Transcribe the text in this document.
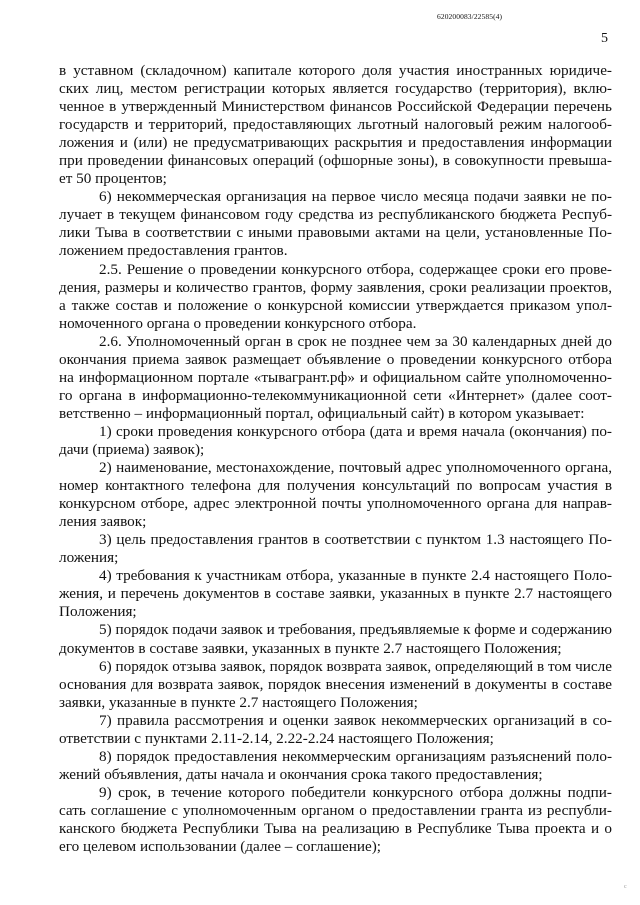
620200083/22585(4)
5
в уставном (складочном) капитале которого доля участия иностранных юридиче-
ских лиц, местом регистрации которых является государство (территория), вклю-
ченное в утвержденный Министерством финансов Российской Федерации перечень
государств и территорий, предоставляющих льготный налоговый режим налогооб-
ложения и (или) не предусматривающих раскрытия и предоставления информации
при проведении финансовых операций (офшорные зоны), в совокупности превыша-
ет 50 процентов;
6) некоммерческая организация на первое число месяца подачи заявки не по-
лучает в текущем финансовом году средства из республиканского бюджета Респуб-
лики Тыва в соответствии с иными правовыми актами на цели, установленные По-
ложением предоставления грантов.
2.5. Решение о проведении конкурсного отбора, содержащее сроки его прове-
дения, размеры и количество грантов, форму заявления, сроки реализации проектов,
а также состав и положение о конкурсной комиссии утверждается приказом упол-
номоченного органа о проведении конкурсного отбора.
2.6. Уполномоченный орган в срок не позднее чем за 30 календарных дней до
окончания приема заявок размещает объявление о проведении конкурсного отбора
на информационном портале «тывагрант.рф» и официальном сайте уполномоченно-
го органа в информационно-телекоммуникационной сети «Интернет» (далее соот-
ветственно – информационный портал, официальный сайт) в котором указывает:
1) сроки проведения конкурсного отбора (дата и время начала (окончания) по-
дачи (приема) заявок);
2) наименование, местонахождение, почтовый адрес уполномоченного органа,
номер контактного телефона для получения консультаций по вопросам участия в
конкурсном отборе, адрес электронной почты уполномоченного органа для направ-
ления заявок;
3) цель предоставления грантов в соответствии с пунктом 1.3 настоящего По-
ложения;
4) требования к участникам отбора, указанные в пункте 2.4 настоящего Поло-
жения, и перечень документов в составе заявки, указанных в пункте 2.7 настоящего
Положения;
5) порядок подачи заявок и требования, предъявляемые к форме и содержанию
документов в составе заявки, указанных в пункте 2.7 настоящего Положения;
6) порядок отзыва заявок, порядок возврата заявок, определяющий в том числе
основания для возврата заявок, порядок внесения изменений в документы в составе
заявки, указанные в пункте 2.7 настоящего Положения;
7) правила рассмотрения и оценки заявок некоммерческих организаций в со-
ответствии с пунктами 2.11-2.14, 2.22-2.24 настоящего Положения;
8) порядок предоставления некоммерческим организациям разъяснений поло-
жений объявления, даты начала и окончания срока такого предоставления;
9) срок, в течение которого победители конкурсного отбора должны подпи-
сать соглашение с уполномоченным органом о предоставлении гранта из республи-
канского бюджета Республики Тыва на реализацию в Республике Тыва проекта и о
его целевом использовании (далее – соглашение);
с
